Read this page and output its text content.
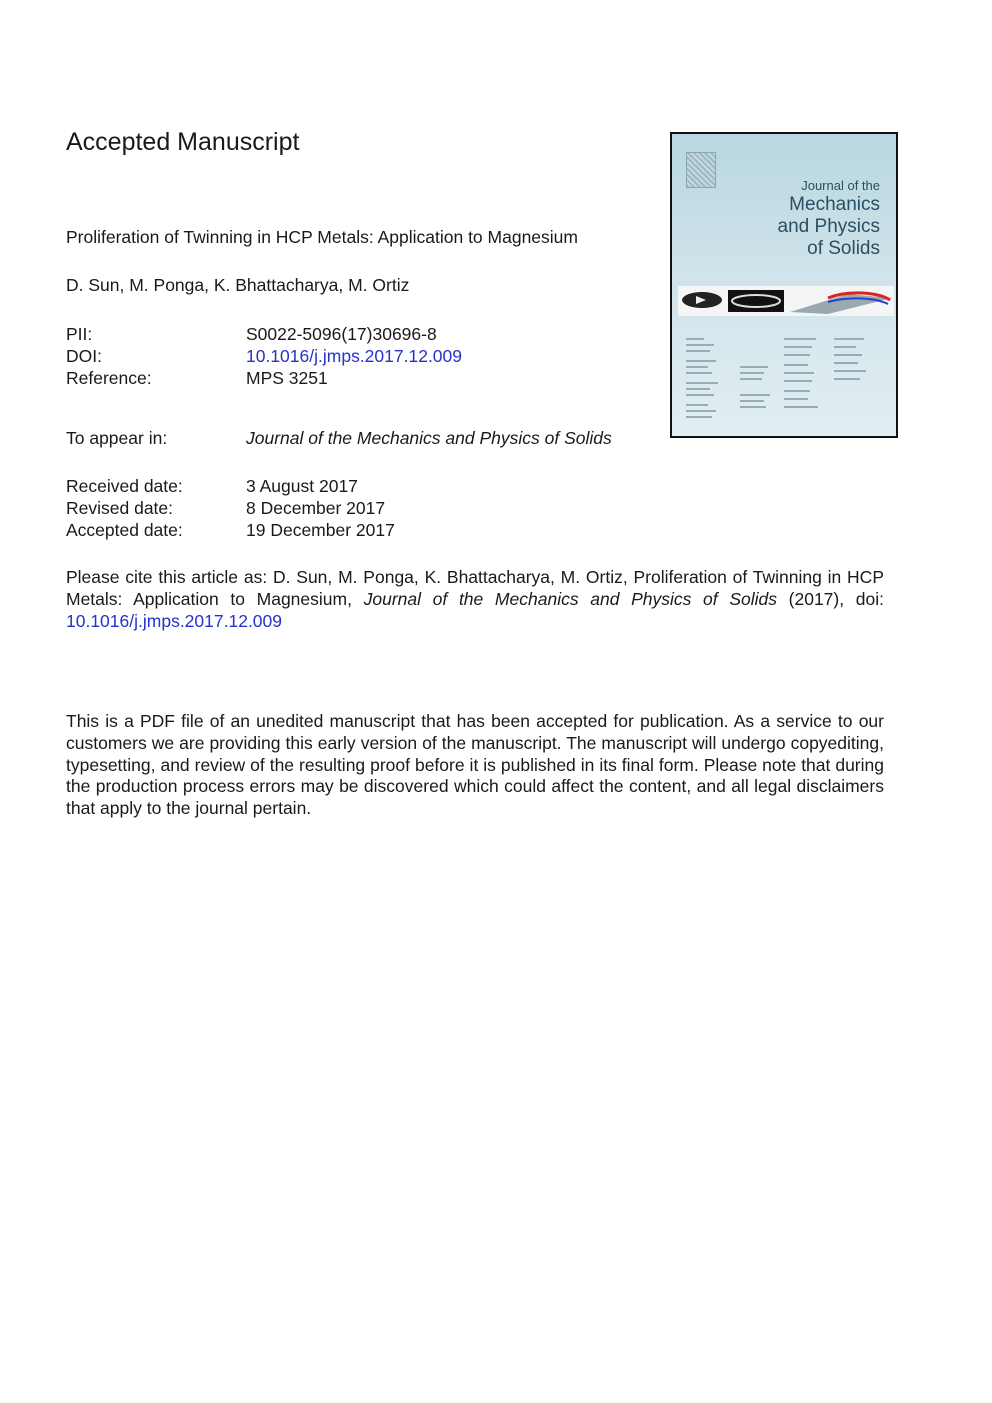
Accepted Manuscript
Proliferation of Twinning in HCP Metals: Application to Magnesium
D. Sun, M. Ponga, K. Bhattacharya, M. Ortiz
PII:	S0022-5096(17)30696-8
DOI:	10.1016/j.jmps.2017.12.009
Reference:	MPS 3251
To appear in:	Journal of the Mechanics and Physics of Solids
Received date:	3 August 2017
Revised date:	8 December 2017
Accepted date:	19 December 2017
Please cite this article as: D. Sun, M. Ponga, K. Bhattacharya, M. Ortiz, Proliferation of Twinning in HCP Metals: Application to Magnesium, Journal of the Mechanics and Physics of Solids (2017), doi: 10.1016/j.jmps.2017.12.009
This is a PDF file of an unedited manuscript that has been accepted for publication. As a service to our customers we are providing this early version of the manuscript. The manuscript will undergo copyediting, typesetting, and review of the resulting proof before it is published in its final form. Please note that during the production process errors may be discovered which could affect the content, and all legal disclaimers that apply to the journal pertain.
Journal of the
Mechanics
and Physics
of Solids
